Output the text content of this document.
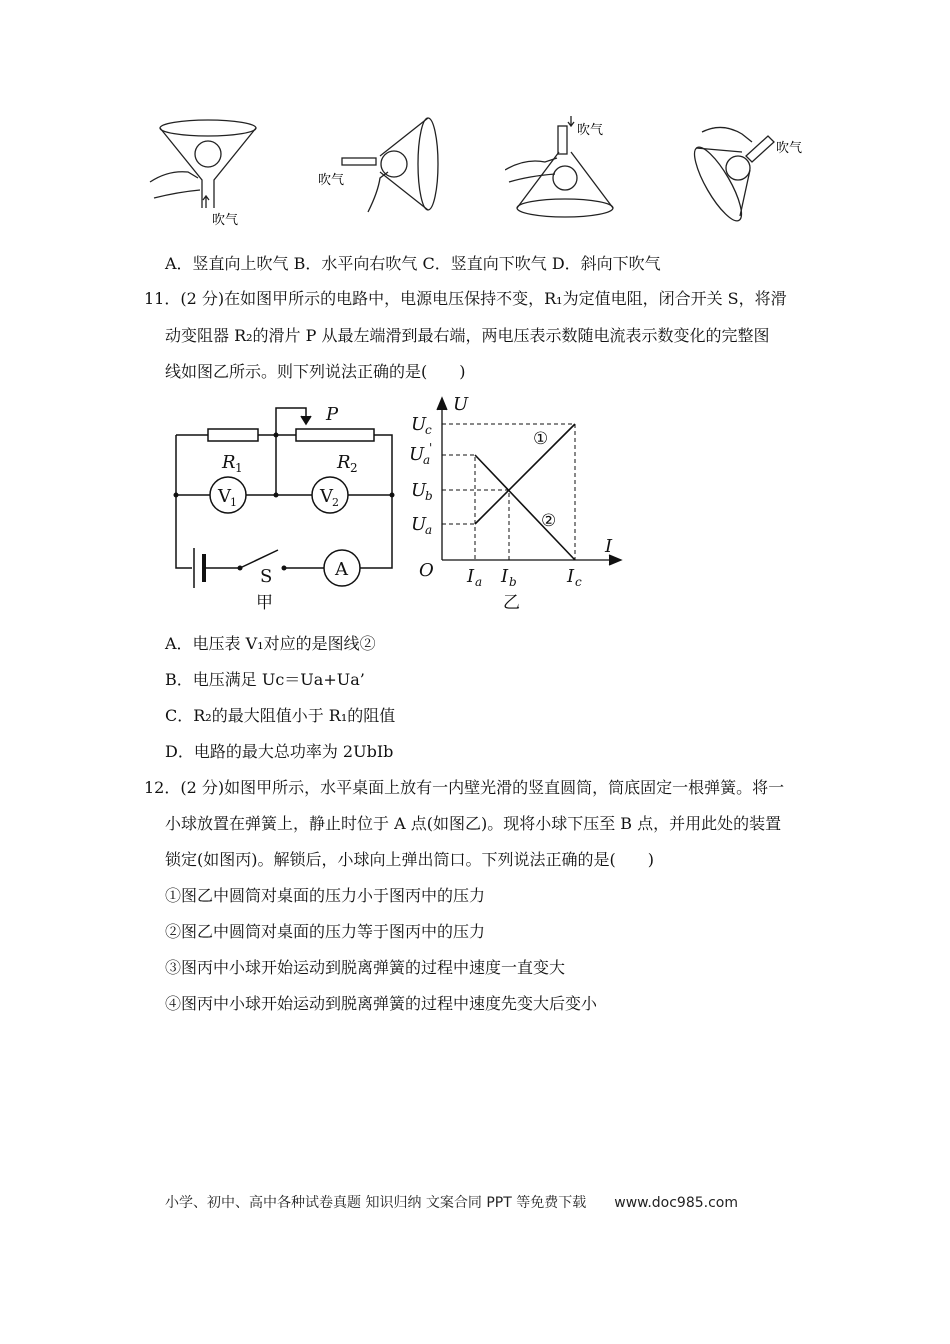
吹气
吹气
吹气
吹气
A．竖直向上吹气 B．水平向右吹气 C．竖直向下吹气 D．斜向下吹气
11．(2 分)在如图甲所示的电路中，电源电压保持不变，R₁为定值电阻，闭合开关 S，将滑
动变阻器 R₂的滑片 P 从最左端滑到最右端，两电压表示数随电流表示数变化的完整图
线如图乙所示。则下列说法正确的是(　　)
P
R	R
1	2
V	V
A
S
甲
1	2
U
I
O
U
U
U
U
I I	I
c
a
'
b
a
a b	c
①
②
乙
A．电压表 V₁对应的是图线②
B．电压满足 Uc＝Ua+Ua’
C．R₂的最大阻值小于 R₁的阻值
D．电路的最大总功率为 2UbIb
12．(2 分)如图甲所示，水平桌面上放有一内壁光滑的竖直圆筒，筒底固定一根弹簧。将一
小球放置在弹簧上，静止时位于 A 点(如图乙)。现将小球下压至 B 点，并用此处的装置
锁定(如图丙)。解锁后，小球向上弹出筒口。下列说法正确的是(　　)
①图乙中圆筒对桌面的压力小于图丙中的压力
②图乙中圆筒对桌面的压力等于图丙中的压力
③图丙中小球开始运动到脱离弹簧的过程中速度一直变大
④图丙中小球开始运动到脱离弹簧的过程中速度先变大后变小
小学、初中、高中各种试卷真题 知识归纳 文案合同 PPT 等免费下载 www.doc985.com
